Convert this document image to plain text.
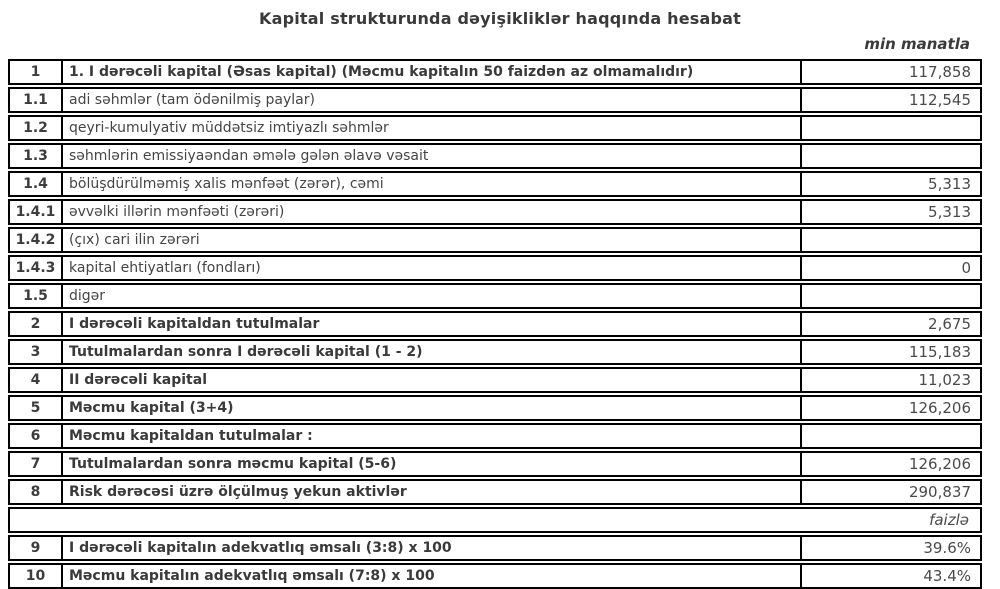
Kapital strukturunda dəyişikliklər haqqında hesabat
min manatla
1	1. I dərəcəli kapital (Əsas kapital) (Məcmu kapitalın 50 faizdən az olmamalıdır)	117,858
1.1	adi səhmlər (tam ödənilmiş paylar)	112,545
1.2	qeyri-kumulyativ müddətsiz imtiyazlı səhmlər
1.3	səhmlərin emissiyaəndan əmələ gələn əlavə vəsait
1.4	bölüşdürülməmiş xalis mənfəət (zərər), cəmi	5,313
1.4.1 əvvəlki illərin mənfəəti (zərəri)	5,313
1.4.2 (çıx) cari ilin zərəri
1.4.3 kapital ehtiyatları (fondları)	0
1.5	digər
2	I dərəcəli kapitaldan tutulmalar	2,675
3	Tutulmalardan sonra I dərəcəli kapital (1 - 2)	115,183
4	II dərəcəli kapital	11,023
5	Məcmu kapital (3+4)	126,206
6	Məcmu kapitaldan tutulmalar :
7	Tutulmalardan sonra məcmu kapital (5-6)	126,206
8	Risk dərəcəsi üzrə ölçülmuş yekun aktivlər	290,837
faizlə
9	I dərəcəli kapitalın adekvatlıq əmsalı (3:8) x 100	39.6%
10	Məcmu kapitalın adekvatlıq əmsalı (7:8) x 100	43.4%
